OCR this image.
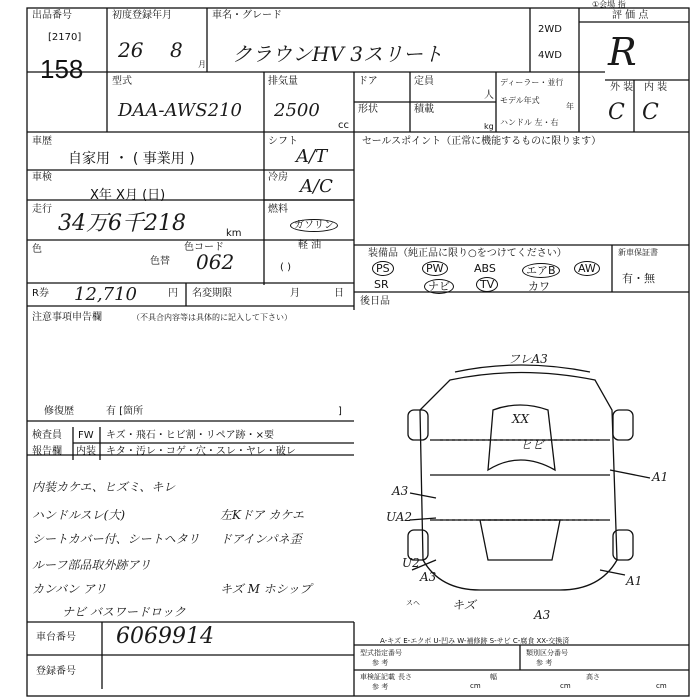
①会場 指
出品番号
[2170]
158
初度登録年月
26 8
月
車名・グレード
クラウンHV 3スリート
2WD
4WD
評 価 点
R
外 装 内 装
C C
型式
DAA-AWS210
排気量
2500
cc
ドア
形状
定員
人
積載
kg
ディーラー・並行
モデル年式
年
ハンドル 左・右
車歴
自家用 ・ ( 事業用 )
シフト
A/T
車検
X年 X月 (日)
冷房 A/C
走行
34万6千218	km
燃料
ガソリン
軽 油
( )
色
色替
色コード
062
セールスポイント（正常に機能するものに限ります）
装備品（純正品に限り○をつけてください）
PS	PW	ABS	エアB	AW
SR	ナビ	TV	カワ
新車保証書
有・無
R券 12,710	円 名変期限	月	日
後日品
注意事項申告欄	（不具合内容等は具体的に記入して下さい）
修復歴	有 [箇所	]
検査員
報告欄
FW キズ・飛石・ヒビ割・リペア跡・×要
内装 キタ・汚レ・コゲ・穴・スレ・ヤレ・破レ
内装カケエ、ヒズミ、キレ
ハンドルスレ(大)
シートカバー付、シートヘタリ
ルーフ部品取外跡アリ
カンバン アリ
ナビ バスワードロック
左Kドア カケエ
ドアインパネ歪
キズ M ホシップ
フレA3
XX
ヒビ
A1
A3
UA2
U2
A3
スヘ	キズ
A3
A1
A-キズ E-エクボ U-凹み W-補修跡 S-サビ C-腐食 XX-交換済
車台番号 6069914
登録番号
型式指定番号
参 考
類別区分番号
参 考
車検証記載
参 考
長さ
cm
幅
cm
高さ
cm
